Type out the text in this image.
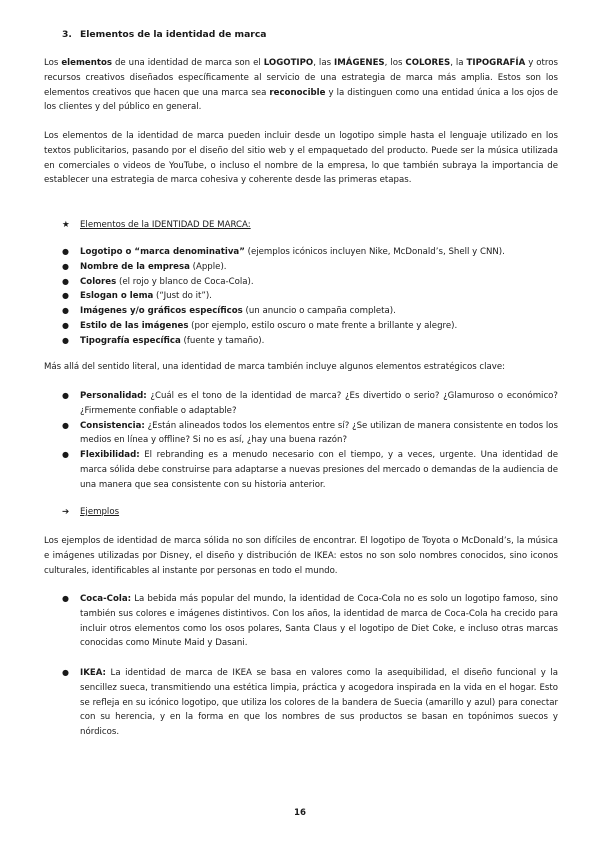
3. Elementos de la identidad de marca

Los elementos de una identidad de marca son el LOGOTIPO, las IMÁGENES, los COLORES, la TIPOGRAFÍA y otros recursos creativos diseñados específicamente al servicio de una estrategia de marca más amplia. Estos son los elementos creativos que hacen que una marca sea reconocible y la distinguen como una entidad única a los ojos de los clientes y del público en general.

Los elementos de la identidad de marca pueden incluir desde un logotipo simple hasta el lenguaje utilizado en los textos publicitarios, pasando por el diseño del sitio web y el empaquetado del producto. Puede ser la música utilizada en comerciales o videos de YouTube, o incluso el nombre de la empresa, lo que también subraya la importancia de establecer una estrategia de marca cohesiva y coherente desde las primeras etapas.

★ Elementos de la IDENTIDAD DE MARCA:
●	Logotipo o “marca denominativa” (ejemplos icónicos incluyen Nike, McDonald’s, Shell y CNN).
●	Nombre de la empresa (Apple).
●	Colores (el rojo y blanco de Coca-Cola).
●	Eslogan o lema (“Just do it”).
●	Imágenes y/o gráficos específicos (un anuncio o campaña completa).
●	Estilo de las imágenes (por ejemplo, estilo oscuro o mate frente a brillante y alegre).
●	Tipografía específica (fuente y tamaño).

Más allá del sentido literal, una identidad de marca también incluye algunos elementos estratégicos clave:

●	Personalidad: ¿Cuál es el tono de la identidad de marca? ¿Es divertido o serio? ¿Glamuroso o económico? ¿Firmemente confiable o adaptable?
●	Consistencia: ¿Están alineados todos los elementos entre sí? ¿Se utilizan de manera consistente en todos los medios en línea y offline? Si no es así, ¿hay una buena razón?
●	Flexibilidad: El rebranding es a menudo necesario con el tiempo, y a veces, urgente. Una identidad de marca sólida debe construirse para adaptarse a nuevas presiones del mercado o demandas de la audiencia de una manera que sea consistente con su historia anterior.
➔ Ejemplos

Los ejemplos de identidad de marca sólida no son difíciles de encontrar. El logotipo de Toyota o McDonald’s, la música e imágenes utilizadas por Disney, el diseño y distribución de IKEA: estos no son solo nombres conocidos, sino iconos culturales, identificables al instante por personas en todo el mundo.

●	Coca-Cola: La bebida más popular del mundo, la identidad de Coca-Cola no es solo un logotipo famoso, sino también sus colores e imágenes distintivos. Con los años, la identidad de marca de Coca-Cola ha crecido para incluir otros elementos como los osos polares, Santa Claus y el logotipo de Diet Coke, e incluso otras marcas conocidas como Minute Maid y Dasani.
●	IKEA: La identidad de marca de IKEA se basa en valores como la asequibilidad, el diseño funcional y la sencillez sueca, transmitiendo una estética limpia, práctica y acogedora inspirada en la vida en el hogar. Esto se refleja en su icónico logotipo, que utiliza los colores de la bandera de Suecia (amarillo y azul) para conectar con su herencia, y en la forma en que los nombres de sus productos se basan en topónimos suecos y nórdicos.
16
